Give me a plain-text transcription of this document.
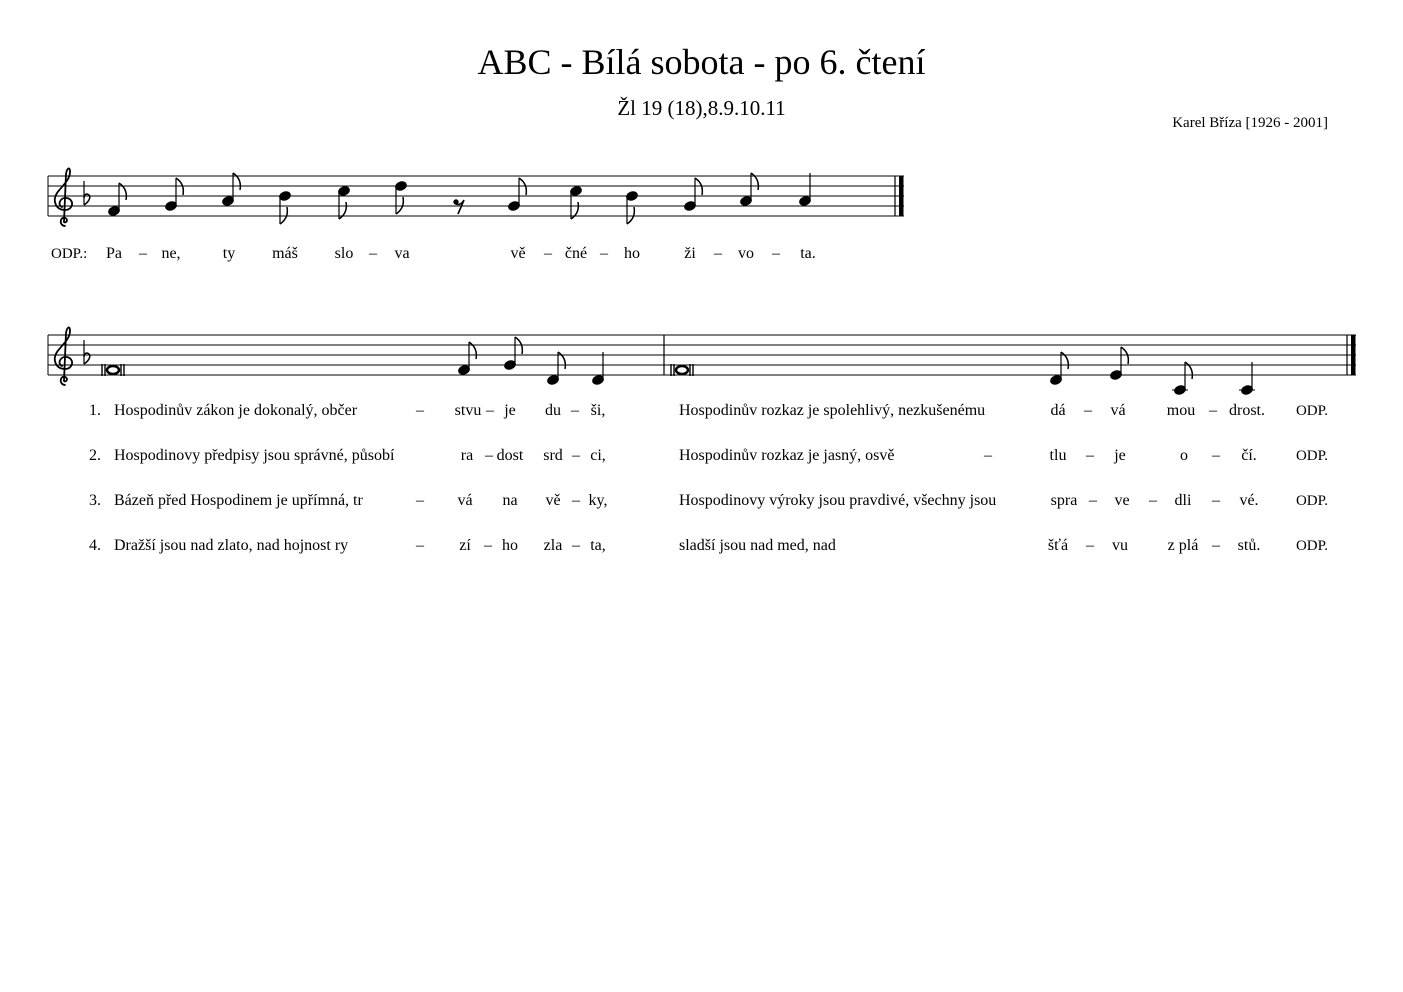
ABC - Bílá sobota - po 6. čtení
Žl 19 (18),8.9.10.11
Karel Bříza [1926 - 2001]
ODP.: Pa – ne,	ty máš slo – va	vě – čné – ho	ži – vo – ta.
1. Hospodinův zákon je dokonalý, občer	– stvu – je du – ši,	Hospodinův rozkaz je spolehlivý, nezkušenému	dá – vá	mou – drost. ODP.
2. Hospodinovy předpisy jsou správné, působí	ra – dost srd – ci,	Hospodinův rozkaz je jasný, osvě	–	tlu – je	o – čí.	ODP.
3. Bázeň před Hospodinem je upřímná, tr	– vá na vě – ky,	Hospodinovy výroky jsou pravdivé, všechny jsou	spra – ve – dli – vé. ODP.
4. Dražší jsou nad zlato, nad hojnost ry	– zí – ho zla – ta,	sladší jsou nad med, nad	šťá – vu z plá – stů. ODP.
